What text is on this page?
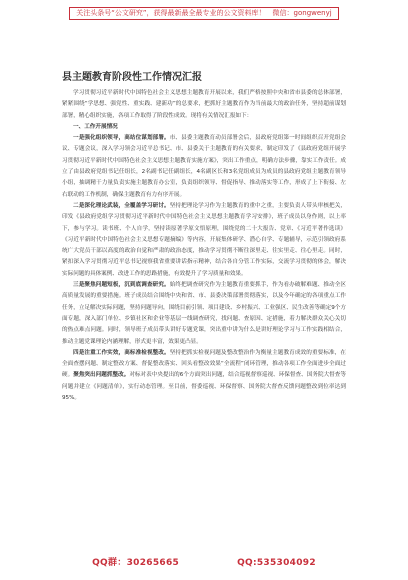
关注头条号“公文研究”，获得最新最全最专业的公文资料库！　微信：gongwenyj
县主题教育阶段性工作情况汇报

学习贯彻习近平新时代中国特色社会主义思想主题教育开展以来，我们严格按照中央和省市县委的总体部署，紧紧围绕“学思想、强党性、重实践、建新功”的总要求，把抓好主题教育作为当前最大的政治任务，坚持超前谋划部署，精心组织实施，各项工作取得了阶段性成效。现将有关情况汇报如下：

一、工作开展情况

一是强化组织领导，高站位谋划部署。市、县委主题教育动员部署会后，县政府党组第一时间组织召开党组会议、专题会议，深入学习领会习近平总书记、市、县委关于主题教育的有关要求，制定印发了《县政府党组开展学习贯彻习近平新时代中国特色社会主义思想主题教育实施方案》，突出工作重点，明确方法步骤，靠实工作责任。成立了由县政府党组书记任组长，2名副书记任副组长，4名副区长和3名党组成员为成员的县政府党组主题教育领导小组，抽调精干力量负责实施主题教育办公室，负责组织领导、督促指导、推动落实等工作，形成了上下衔接、左右联动的工作机制，确保主题教育有力有序开展。

二是深化理论武装，全覆盖学习研讨。坚持把理论学习作为主题教育的重中之重，主要负责人带头审核把关，印发《县政府党组学习贯彻习近平新时代中国特色社会主义思想主题教育学习安排》，班子成员以身作则，以上率下，参与学习。读书班、个人自学，坚持读原著学原文悟原理，围绕党的二十大报告、党章、《习近平著作选读》《习近平新时代中国特色社会主义思想专题摘编》等内容，开展集体研学、潜心自学、专题辅导，示范引领政府系统广大党员干部以高度的政治自觉和严肃的政治态度，推动学习贯彻不断往深里走、往实里走、往心里走。同时，紧扣深入学习贯彻习近平总书记视察我省重要讲话指示精神，结合各自分管工作实际，交流学习贯彻的体会，解决实际问题的具体案例、改进工作的思路措施，有效提升了学习质量和效果。

三是聚焦问题短板，沉到底调查研究。始终把调查研究作为主题教育重要抓手，作为看办破解难题、推动全区高质量发展的重要措施。班子成员结合围绕中央和省、市、县委决策部署贯彻落实，以及今年确定的各项重点工作任务，立足解决实际问题，坚持问题导向，围绕目前引领、项目建设、乡村振兴、工业强区、民生改善等确定9个方面专题，深入部门单位、乡镇社区和企业等基层一线调查研究，找问题、查原因、定措施，着力解决群众关心关切的热点难点问题。同时，领导班子成员带头讲好专题党课，突出重中讲为什么是讲好理论学习与工作实践相结合，推动主题党课理论内涵理解，形式更丰富，效果更凸显。

四是注重工作实效，高标准检视整改。坚持把抓实检视问题及整改整治作为衡量主题教育成效的重要标准，在全面查摆问题、制定整改方案、督促整改落实、回头看整改效果“全流程”闭环管理，推动各项工作全面进步全面过硬。聚焦突出问题抓整改。对标对表中央提出的6个方面突出问题，结合巡视督察巡视、环保督查、国务院大督查等问题并建立《问题清单》，实行动态管理。至目前，督委巡视、环保督察、国务院大督查反馈问题整改到位率达到95%。

QQ群：30265665	QQ:535304092
